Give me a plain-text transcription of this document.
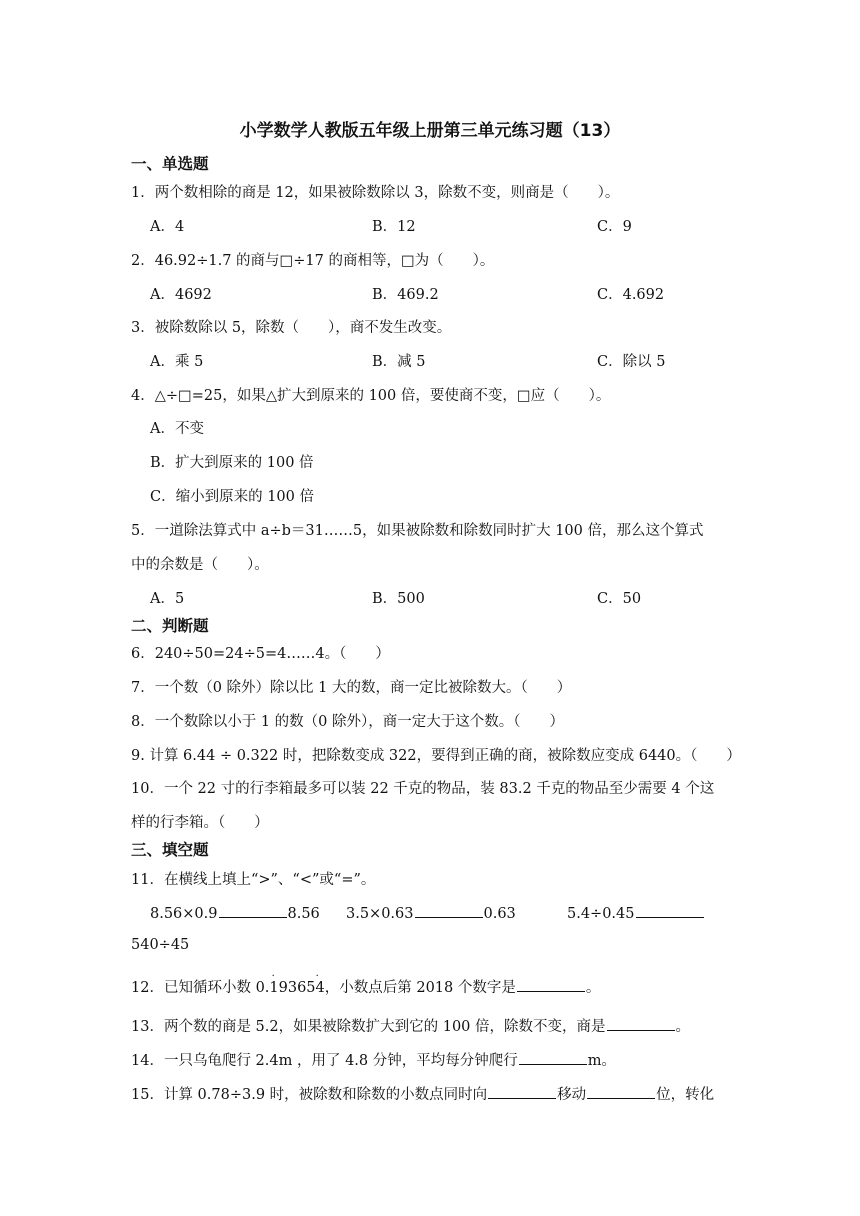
小学数学人教版五年级上册第三单元练习题（13）
一、单选题
1．两个数相除的商是 12，如果被除数除以 3，除数不变，则商是（　　）。
A．4	B．12	C．9
2．46.92÷1.7 的商与□÷17 的商相等，□为（　　）。
A．4692	B．469.2	C．4.692
3．被除数除以 5，除数（　　），商不发生改变。
A．乘 5	B．减 5	C．除以 5
4．△÷□=25，如果△扩大到原来的 100 倍，要使商不变，□应（　　）。
A．不变
B．扩大到原来的 100 倍
C．缩小到原来的 100 倍
5．一道除法算式中 a÷b＝31……5，如果被除数和除数同时扩大 100 倍，那么这个算式
中的余数是（　　）。
A．5	B．500	C．50
二、判断题
6．240÷50=24÷5=4……4。（　　）
7．一个数（0 除外）除以比 1 大的数，商一定比被除数大。（　　）
8．一个数除以小于 1 的数（0 除外），商一定大于这个数。（　　）
9. 计算 6.44 ÷ 0.322 时，把除数变成 322，要得到正确的商，被除数应变成 6440。（　　）
10．一个 22 寸的行李箱最多可以装 22 千克的物品，装 83.2 千克的物品至少需要 4 个这
样的行李箱。（　　）
三、填空题
11．在横线上填上“>”、“<”或“=”。
8.56×0.9	8.56 3.5×0.63	0.63	5.4÷0.45
540÷45
12．已知循环小数 0.193654
·	·
，小数点后第 2018 个数字是	。
13．两个数的商是 5.2，如果被除数扩大到它的 100 倍，除数不变，商是	。
14．一只乌龟爬行 2.4m ，用了 4.8 分钟，平均每分钟爬行	m。
15．计算 0.78÷3.9 时，被除数和除数的小数点同时向	移动	位，转化
